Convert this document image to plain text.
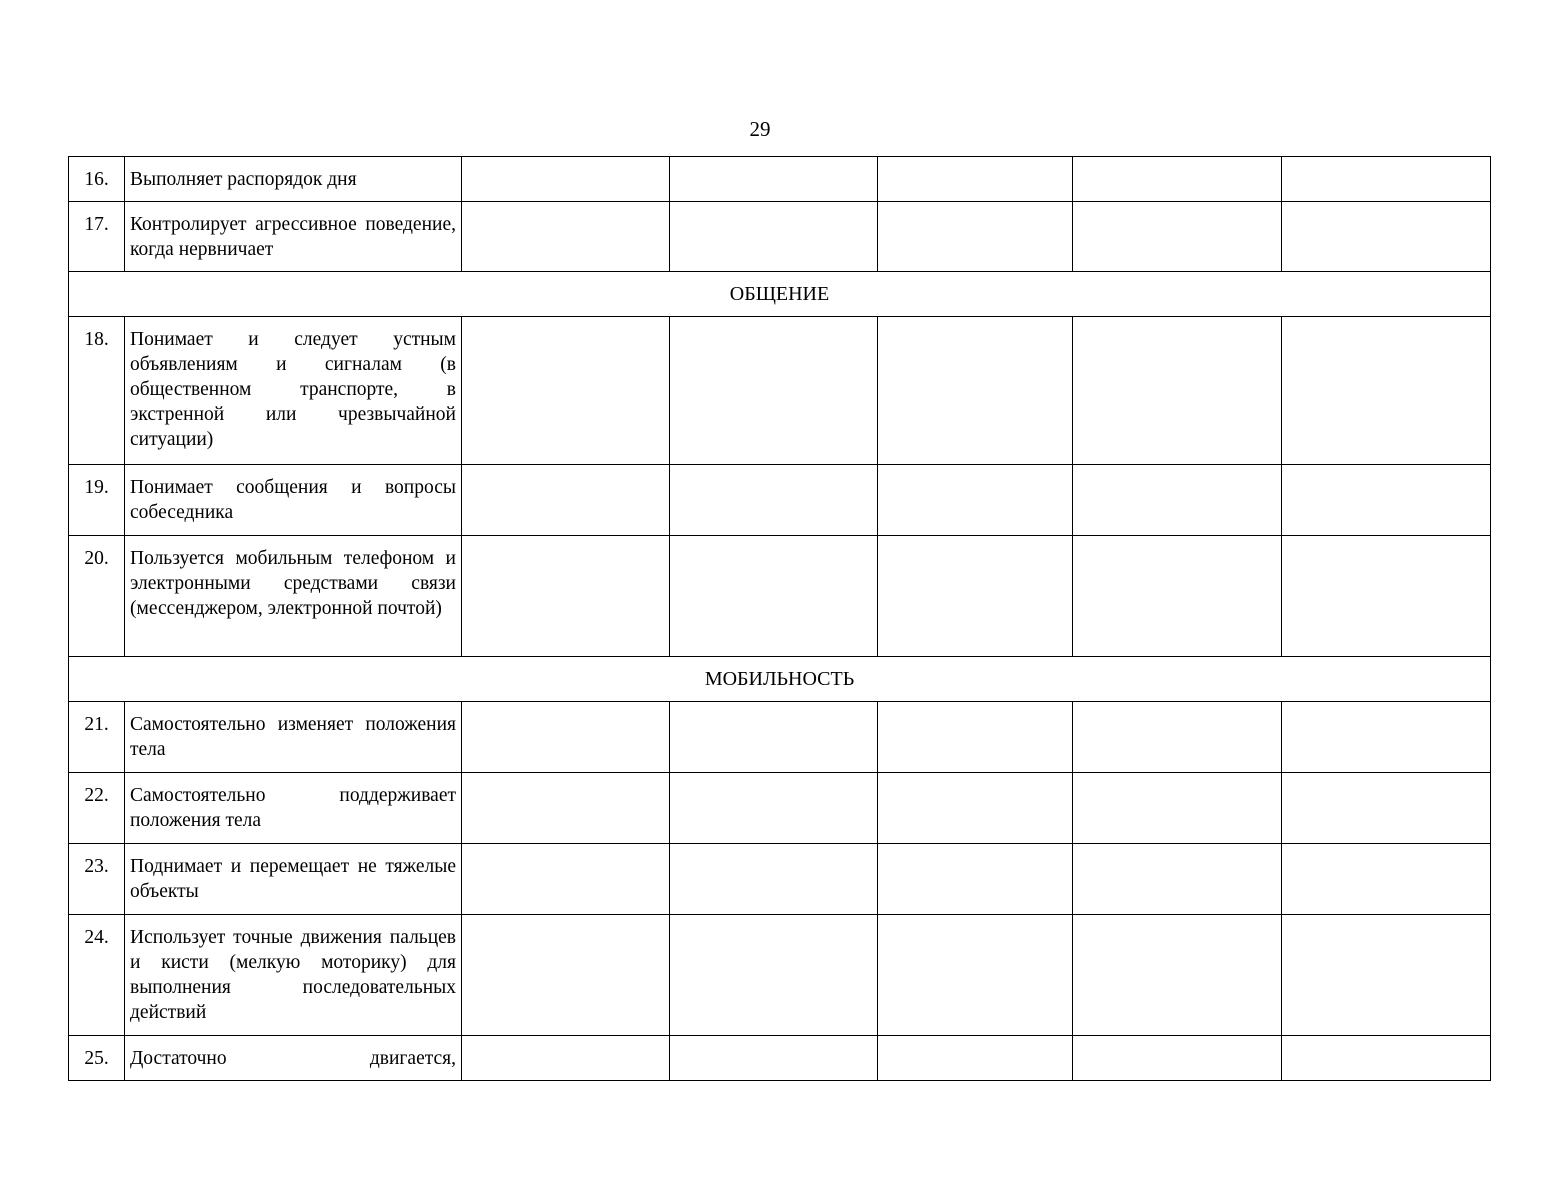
29
16.	Выполняет распорядок дня					
17.	Контролирует агрессивное поведение, когда нервничает					
ОБЩЕНИЕ						
18.	Понимает и следует устным объявлениям и сигналам (в общественном транспорте, в экстренной или чрезвычайной ситуации)					
19.	Понимает сообщения и вопросы собеседника					
20.	Пользуется мобильным телефоном и электронными средствами связи (мессенджером, электронной почтой)					
МОБИЛЬНОСТЬ						
21.	Самостоятельно изменяет положения тела					
22.	Самостоятельно поддерживает положения тела					
23.	Поднимает и перемещает не тяжелые объекты					
24.	Использует точные движения пальцев и кисти (мелкую моторику) для выполнения последовательных действий					
25.	Достаточно двигается,					
